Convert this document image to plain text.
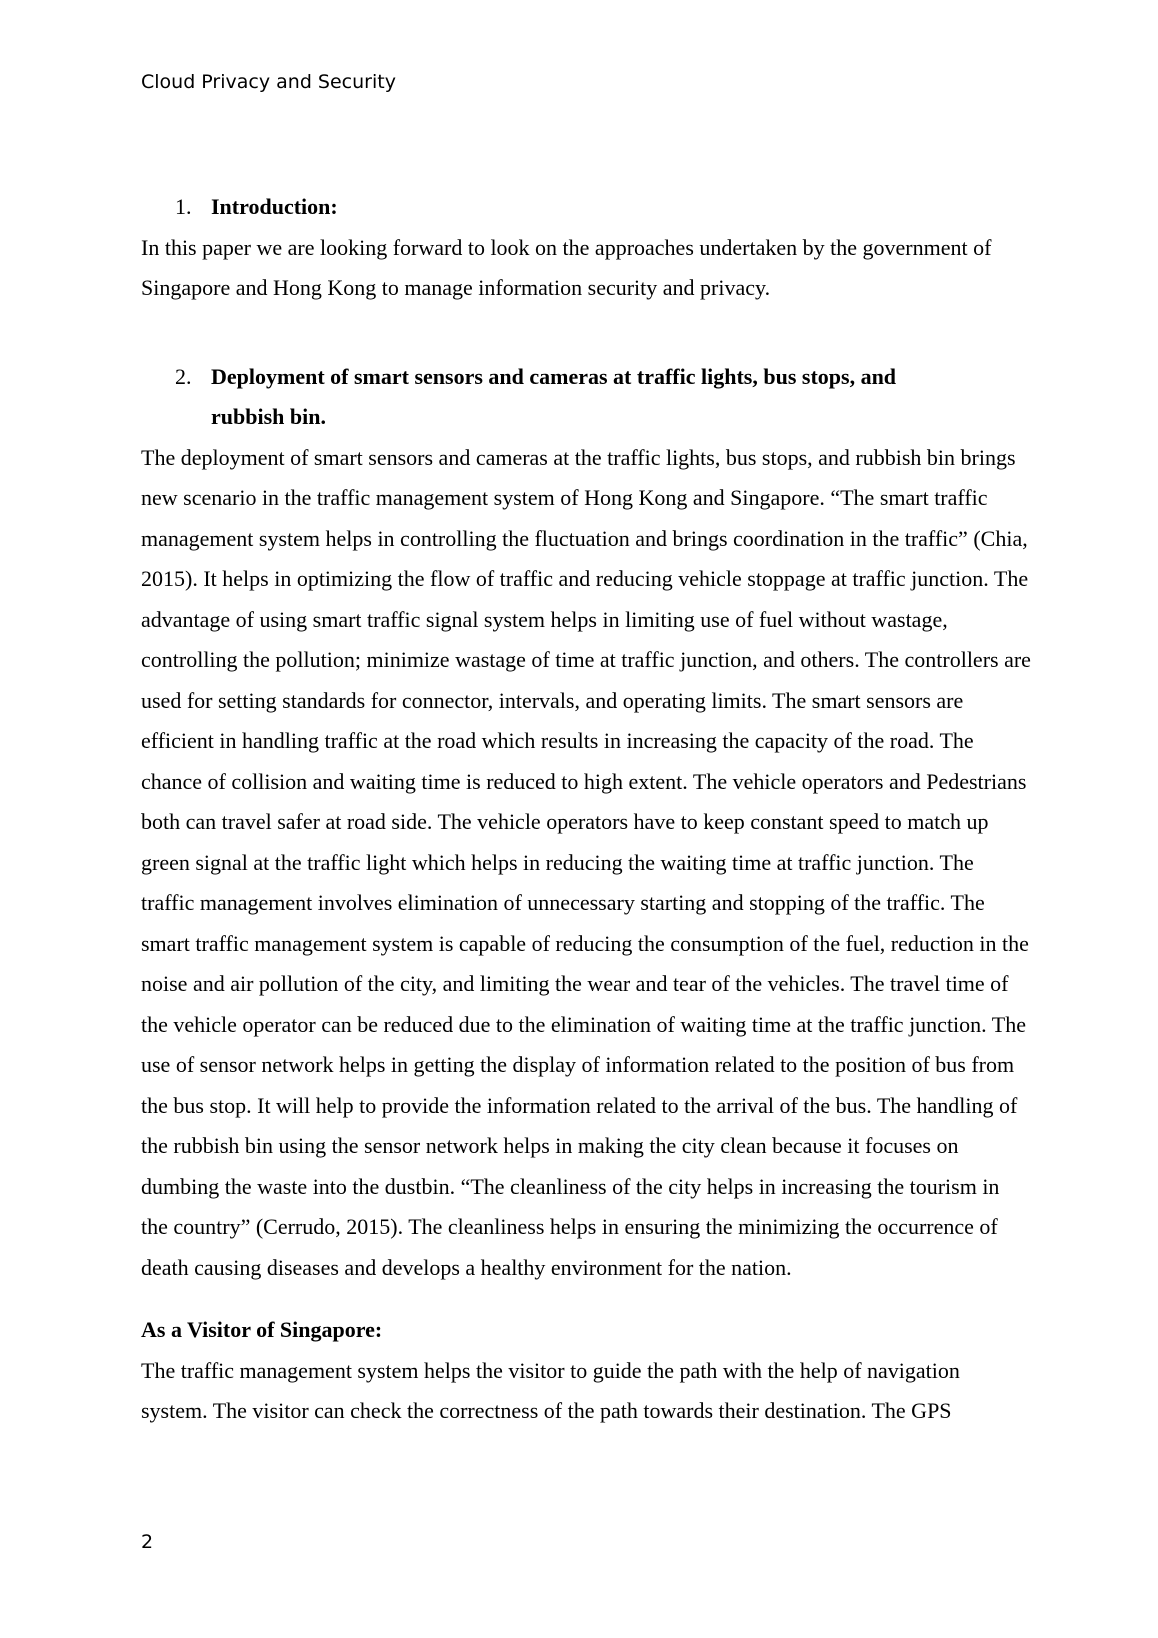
Cloud Privacy and Security
1. Introduction:

In this paper we are looking forward to look on the approaches undertaken by the government of Singapore and Hong Kong to manage information security and privacy.

2. Deployment of smart sensors and cameras at traffic lights, bus stops, and rubbish bin.

The deployment of smart sensors and cameras at the traffic lights, bus stops, and rubbish bin brings new scenario in the traffic management system of Hong Kong and Singapore. “The smart traffic management system helps in controlling the fluctuation and brings coordination in the traffic” (Chia, 2015). It helps in optimizing the flow of traffic and reducing vehicle stoppage at traffic junction. The advantage of using smart traffic signal system helps in limiting use of fuel without wastage, controlling the pollution; minimize wastage of time at traffic junction, and others. The controllers are used for setting standards for connector, intervals, and operating limits. The smart sensors are efficient in handling traffic at the road which results in increasing the capacity of the road. The chance of collision and waiting time is reduced to high extent. The vehicle operators and Pedestrians both can travel safer at road side. The vehicle operators have to keep constant speed to match up green signal at the traffic light which helps in reducing the waiting time at traffic junction. The traffic management involves elimination of unnecessary starting and stopping of the traffic. The smart traffic management system is capable of reducing the consumption of the fuel, reduction in the noise and air pollution of the city, and limiting the wear and tear of the vehicles. The travel time of the vehicle operator can be reduced due to the elimination of waiting time at the traffic junction. The use of sensor network helps in getting the display of information related to the position of bus from the bus stop. It will help to provide the information related to the arrival of the bus. The handling of the rubbish bin using the sensor network helps in making the city clean because it focuses on dumbing the waste into the dustbin. “The cleanliness of the city helps in increasing the tourism in the country” (Cerrudo, 2015). The cleanliness helps in ensuring the minimizing the occurrence of death causing diseases and develops a healthy environment for the nation.

As a Visitor of Singapore:

The traffic management system helps the visitor to guide the path with the help of navigation system. The visitor can check the correctness of the path towards their destination. The GPS

2
